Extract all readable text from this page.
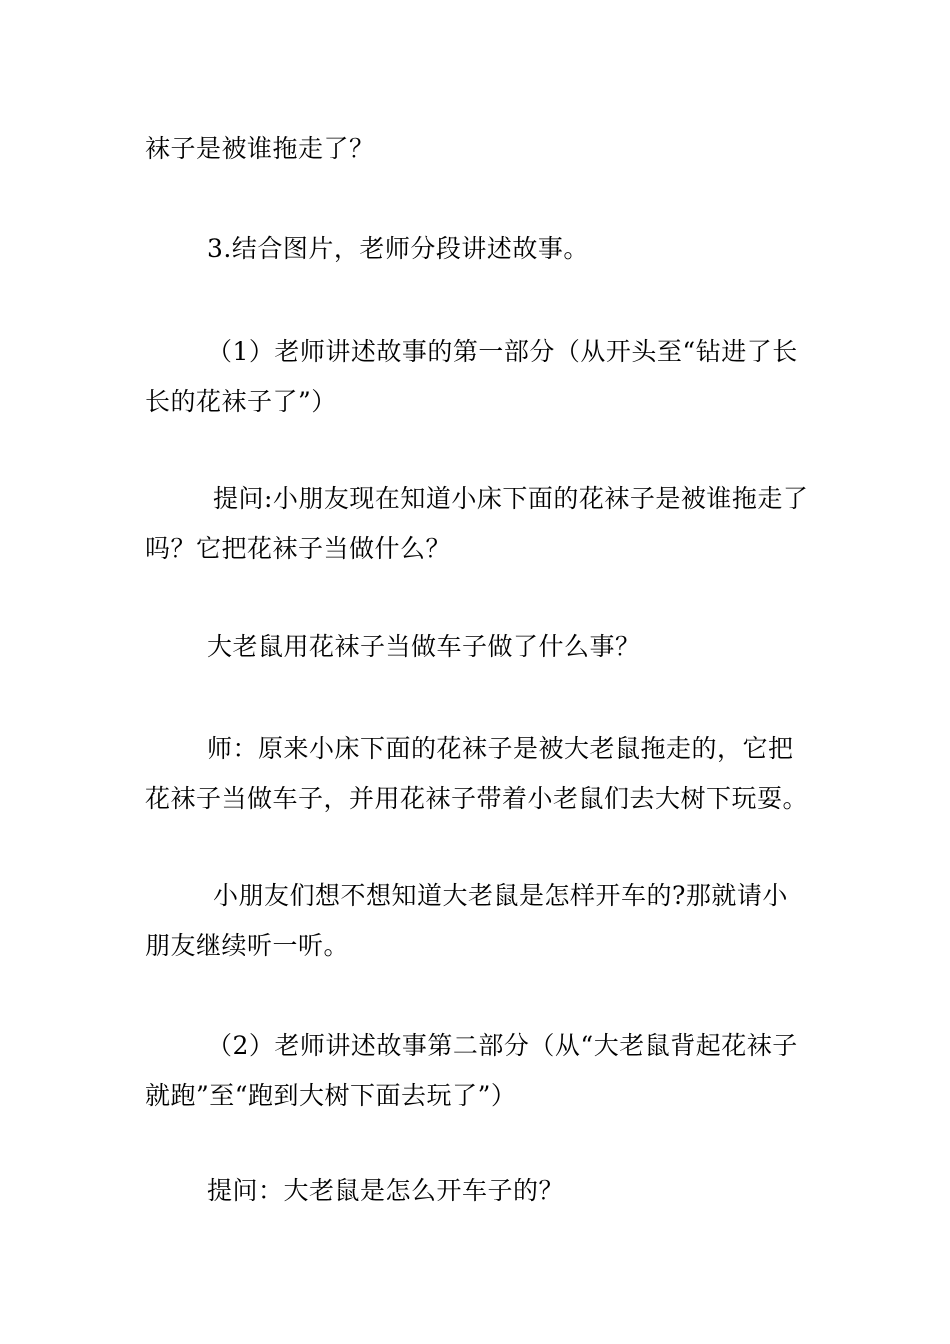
袜子是被谁拖走了？

3.结合图片，老师分段讲述故事。

（1）老师讲述故事的第一部分（从开头至“钻进了长长的花袜子了”）

提问:小朋友现在知道小床下面的花袜子是被谁拖走了吗？它把花袜子当做什么？

大老鼠用花袜子当做车子做了什么事？

师：原来小床下面的花袜子是被大老鼠拖走的，它把花袜子当做车子，并用花袜子带着小老鼠们去大树下玩耍。

小朋友们想不想知道大老鼠是怎样开车的?那就请小朋友继续听一听。

（2）老师讲述故事第二部分（从“大老鼠背起花袜子就跑”至“跑到大树下面去玩了”）

提问：大老鼠是怎么开车子的？
